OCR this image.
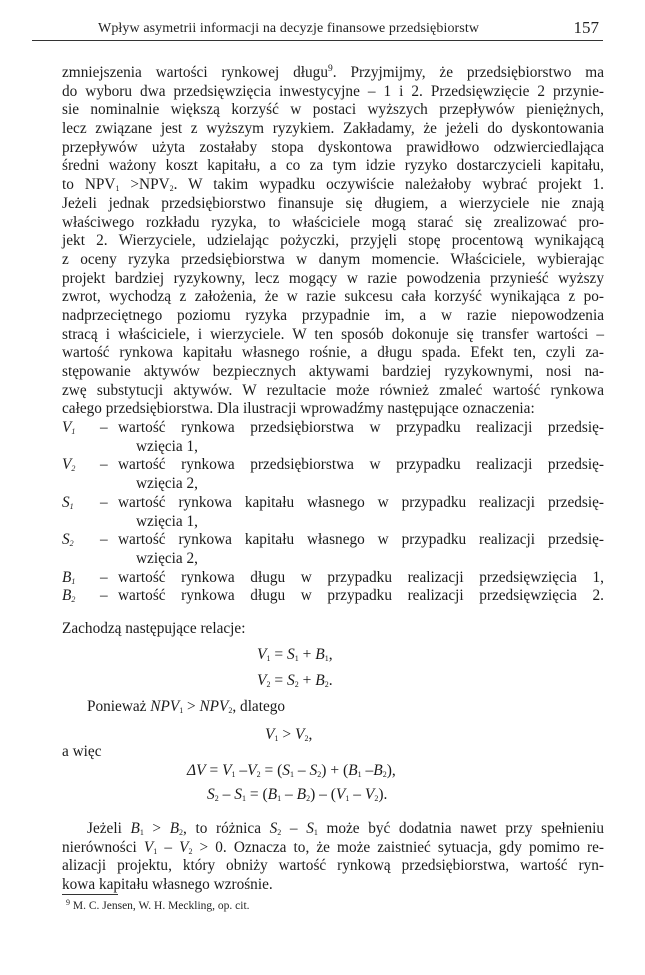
Wpływ asymetrii informacji na decyzje finansowe przedsiębiorstw	157
zmniejszenia wartości rynkowej długu$^9$. Przyjmijmy, że przedsiębiorstwo ma
do wyboru dwa przedsięwzięcia inwestycyjne – 1 i 2. Przedsięwzięcie 2 przynie-
sie nominalnie większą korzyść w postaci wyższych przepływów pieniężnych,
lecz związane jest z wyższym ryzykiem. Zakładamy, że jeżeli do dyskontowania
przepływów użyta zostałaby stopa dyskontowa prawidłowo odzwierciedlająca
średni ważony koszt kapitału, a co za tym idzie ryzyko dostarczycieli kapitału,
to $NPV_1 >NPV_2$. W takim wypadku oczywiście należałoby wybrać projekt 1.
Jeżeli jednak przedsiębiorstwo finansuje się długiem, a wierzyciele nie znają
właściwego rozkładu ryzyka, to właściciele mogą starać się zrealizować pro-
jekt 2. Wierzyciele, udzielając pożyczki, przyjęli stopę procentową wynikającą
z oceny ryzyka przedsiębiorstwa w danym momencie. Właściciele, wybierając
projekt bardziej ryzykowny, lecz mogący w razie powodzenia przynieść wyższy
zwrot, wychodzą z założenia, że w razie sukcesu cała korzyść wynikająca z po-
nadprzeciętnego poziomu ryzyka przypadnie im, a w razie niepowodzenia
stracą i właściciele, i wierzyciele. W ten sposób dokonuje się transfer wartości –
wartość rynkowa kapitału własnego rośnie, a długu spada. Efekt ten, czyli za-
stępowanie aktywów bezpiecznych aktywami bardziej ryzykownymi, nosi na-
zwę substytucji aktywów. W rezultacie może również zmaleć wartość rynkowa
całego przedsiębiorstwa. Dla ilustracji wprowadźmy następujące oznaczenia:
$V_1$	– wartość rynkowa przedsiębiorstwa w przypadku realizacji przedsię-
wzięcia 1,
$V_2$	– wartość rynkowa przedsiębiorstwa w przypadku realizacji przedsię-
wzięcia 2,
$S_1$	– wartość rynkowa kapitału własnego w przypadku realizacji przedsię-
wzięcia 1,
$S_2$	– wartość rynkowa kapitału własnego w przypadku realizacji przedsię-
wzięcia 2,
$B_1$	– wartość rynkowa długu w przypadku realizacji przedsięwzięcia 1,
$B_2$	– wartość rynkowa długu w przypadku realizacji przedsięwzięcia 2.
Zachodzą następujące relacje:
$V_1 = S_1 + B_1$,
$V_2 = S_2 + B_2$.
Ponieważ $NPV_1 > NPV_2$, dlatego
$V_1 > V_2$,
a więc
$\Delta V = V_1$ $-V_2 = (S_1 - S_2) + (B_1$ $-B_2$),
$S_2 - S_1 = (B_1 - B_2) - (V_1 - V_2)$.
Jeżeli $B_1 > B_2$, to różnica $S_2 - S_1$ może być dodatnia nawet przy spełnieniu
nierówności $V_1 - V_2 > 0$. Oznacza to, że może zaistnieć sytuacja, gdy pomimo re-
alizacji projektu, który obniży wartość rynkową przedsiębiorstwa, wartość ryn-
kowa kapitału własnego wzrośnie.
$^9$ M. C. Jensen, W. H. Meckling, op. cit.
